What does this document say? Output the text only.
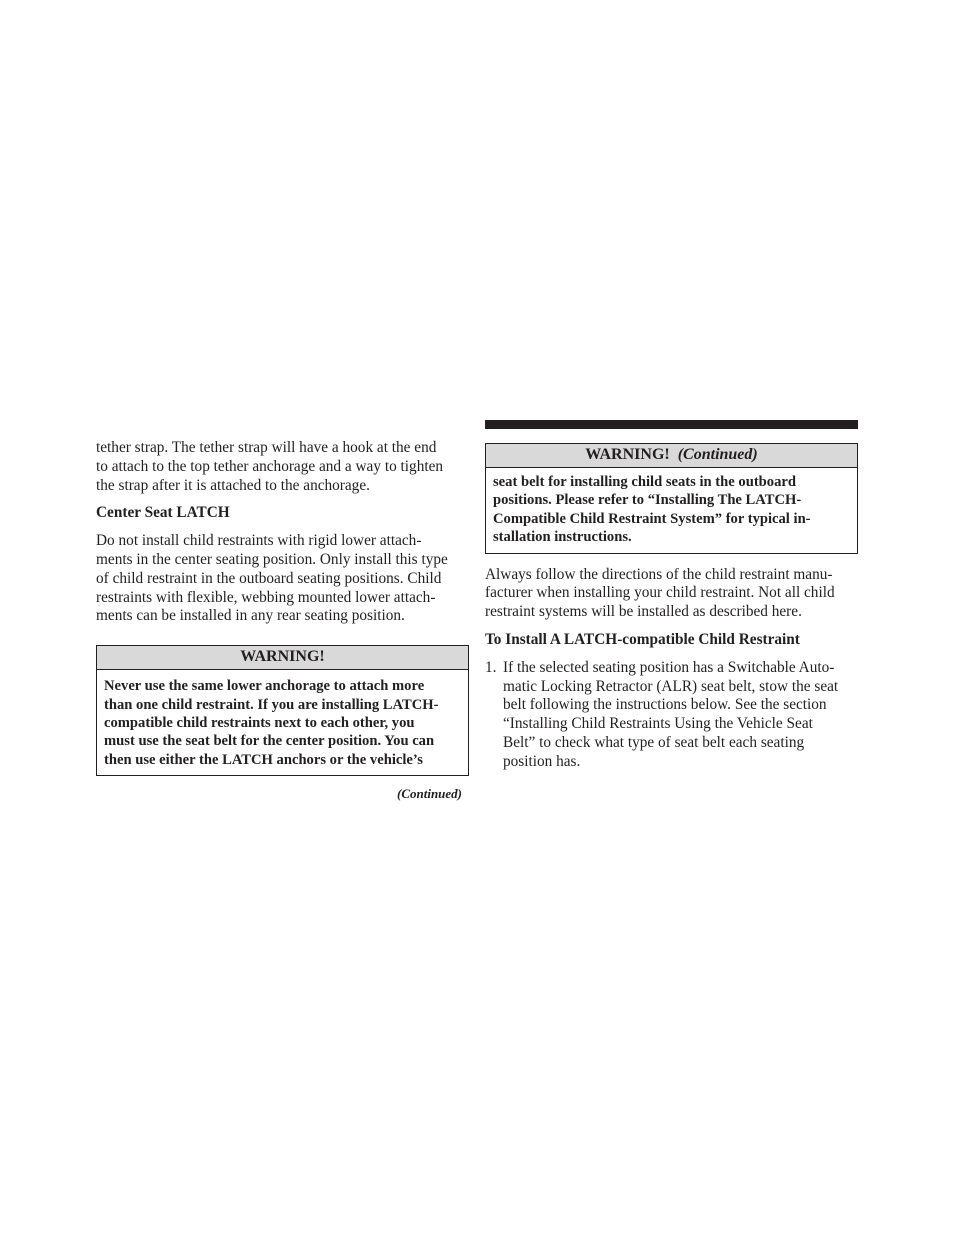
tether strap. The tether strap will have a hook at the end
to attach to the top tether anchorage and a way to tighten
the strap after it is attached to the anchorage.
Center Seat LATCH
Do not install child restraints with rigid lower attach-
ments in the center seating position. Only install this type
of child restraint in the outboard seating positions. Child
restraints with flexible, webbing mounted lower attach-
ments can be installed in any rear seating position.
WARNING!
Never use the same lower anchorage to attach more
than one child restraint. If you are installing LATCH-
compatible child restraints next to each other, you
must use the seat belt for the center position. You can
then use either the LATCH anchors or the vehicle’s
(Continued)
WARNING! (Continued)
seat belt for installing child seats in the outboard
positions. Please refer to “Installing The LATCH-
Compatible Child Restraint System” for typical in-
stallation instructions.
Always follow the directions of the child restraint manu-
facturer when installing your child restraint. Not all child
restraint systems will be installed as described here.
To Install A LATCH-compatible Child Restraint
1. If the selected seating position has a Switchable Auto-
matic Locking Retractor (ALR) seat belt, stow the seat
belt following the instructions below. See the section
“Installing Child Restraints Using the Vehicle Seat
Belt” to check what type of seat belt each seating
position has.
